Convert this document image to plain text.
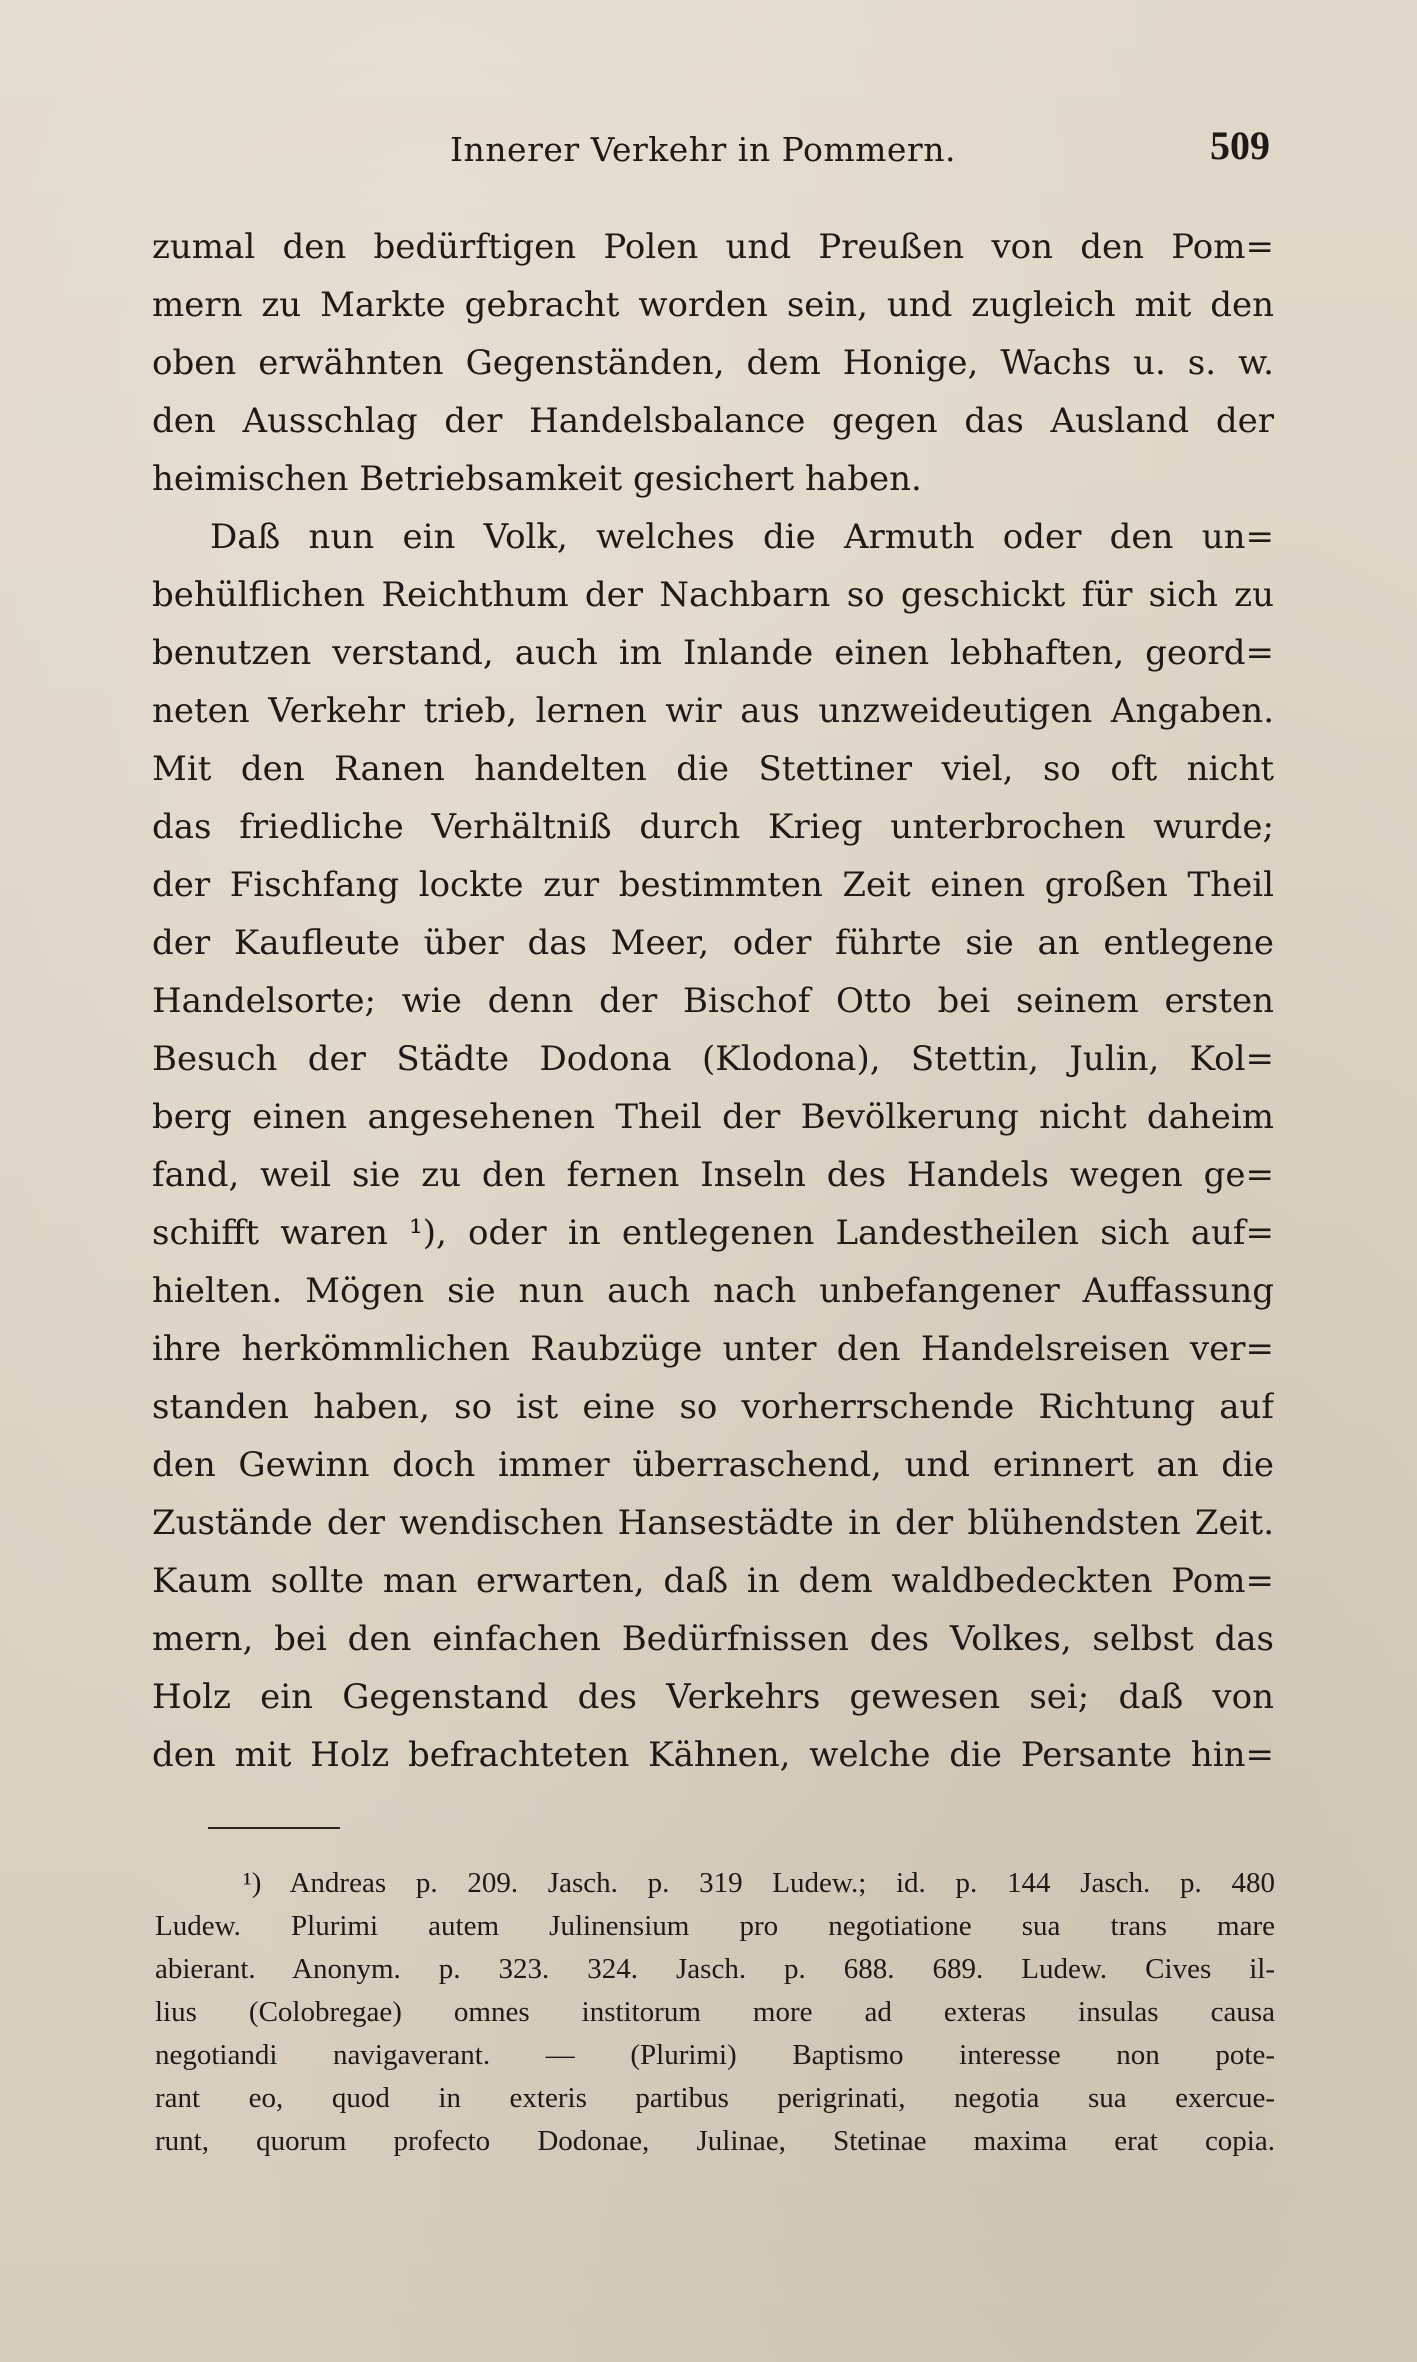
Innerer Verkehr in Pommern.	509
zumal den bedürftigen Polen und Preußen von den Pom=
mern zu Markte gebracht worden sein, und zugleich mit den
oben erwähnten Gegenständen, dem Honige, Wachs u. s. w.
den Ausschlag der Handelsbalance gegen das Ausland der
heimischen Betriebsamkeit gesichert haben.
Daß nun ein Volk, welches die Armuth oder den un=
behülflichen Reichthum der Nachbarn so geschickt für sich zu
benutzen verstand, auch im Inlande einen lebhaften, geord=
neten Verkehr trieb, lernen wir aus unzweideutigen Angaben.
Mit den Ranen handelten die Stettiner viel, so oft nicht
das friedliche Verhältniß durch Krieg unterbrochen wurde;
der Fischfang lockte zur bestimmten Zeit einen großen Theil
der Kaufleute über das Meer, oder führte sie an entlegene
Handelsorte; wie denn der Bischof Otto bei seinem ersten
Besuch der Städte Dodona (Klodona), Stettin, Julin, Kol=
berg einen angesehenen Theil der Bevölkerung nicht daheim
fand, weil sie zu den fernen Inseln des Handels wegen ge=
schifft waren ¹), oder in entlegenen Landestheilen sich auf=
hielten. Mögen sie nun auch nach unbefangener Auffassung
ihre herkömmlichen Raubzüge unter den Handelsreisen ver=
standen haben, so ist eine so vorherrschende Richtung auf
den Gewinn doch immer überraschend, und erinnert an die
Zustände der wendischen Hansestädte in der blühendsten Zeit.
Kaum sollte man erwarten, daß in dem waldbedeckten Pom=
mern, bei den einfachen Bedürfnissen des Volkes, selbst das
Holz ein Gegenstand des Verkehrs gewesen sei; daß von
den mit Holz befrachteten Kähnen, welche die Persante hin=
¹) Andreas p. 209. Jasch. p. 319 Ludew.; id. p. 144 Jasch. p. 480
Ludew. Plurimi autem Julinensium pro negotiatione sua trans mare
abierant. Anonym. p. 323. 324. Jasch. p. 688. 689. Ludew. Cives il-
lius (Colobregae) omnes institorum more ad exteras insulas causa
negotiandi navigaverant. — (Plurimi) Baptismo interesse non pote-
rant eo, quod in exteris partibus perigrinati, negotia sua exercue-
runt, quorum profecto Dodonae, Julinae, Stetinae maxima erat copia.
